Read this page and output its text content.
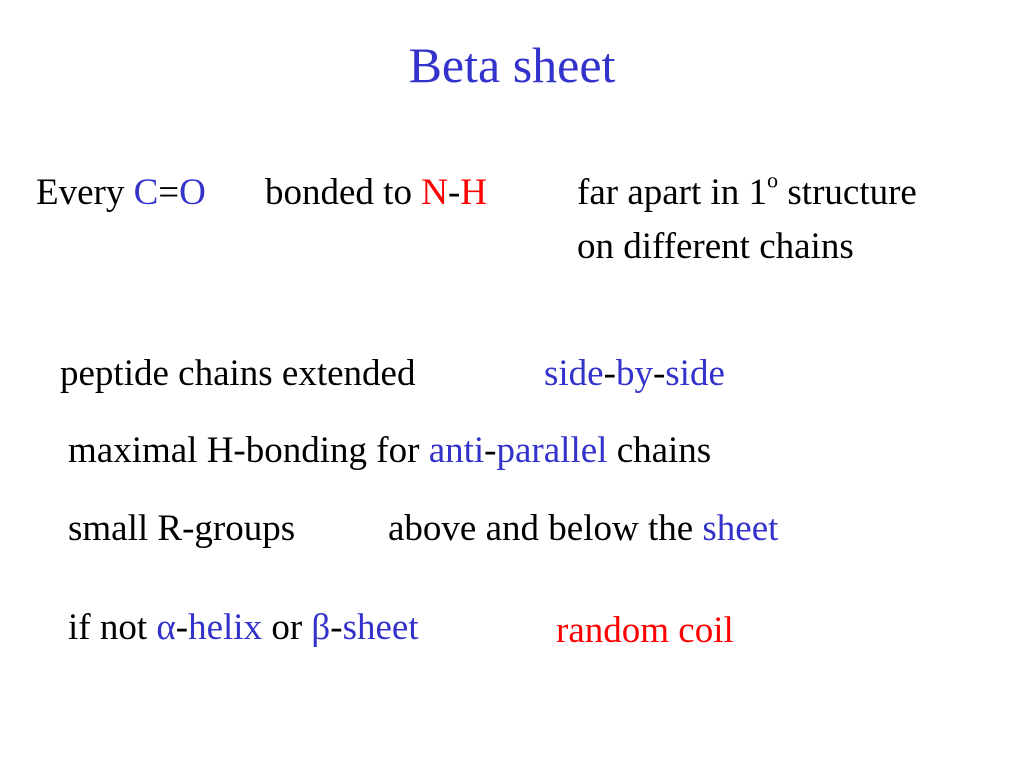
Beta sheet
Every C=O bonded to N-H far apart in 1$^o$ structure
on different chains
peptide chains extended	side-by-side
maximal H-bonding for anti-parallel chains
small R-groups	above and below the sheet
if not α-helix or β-sheet	random coil
